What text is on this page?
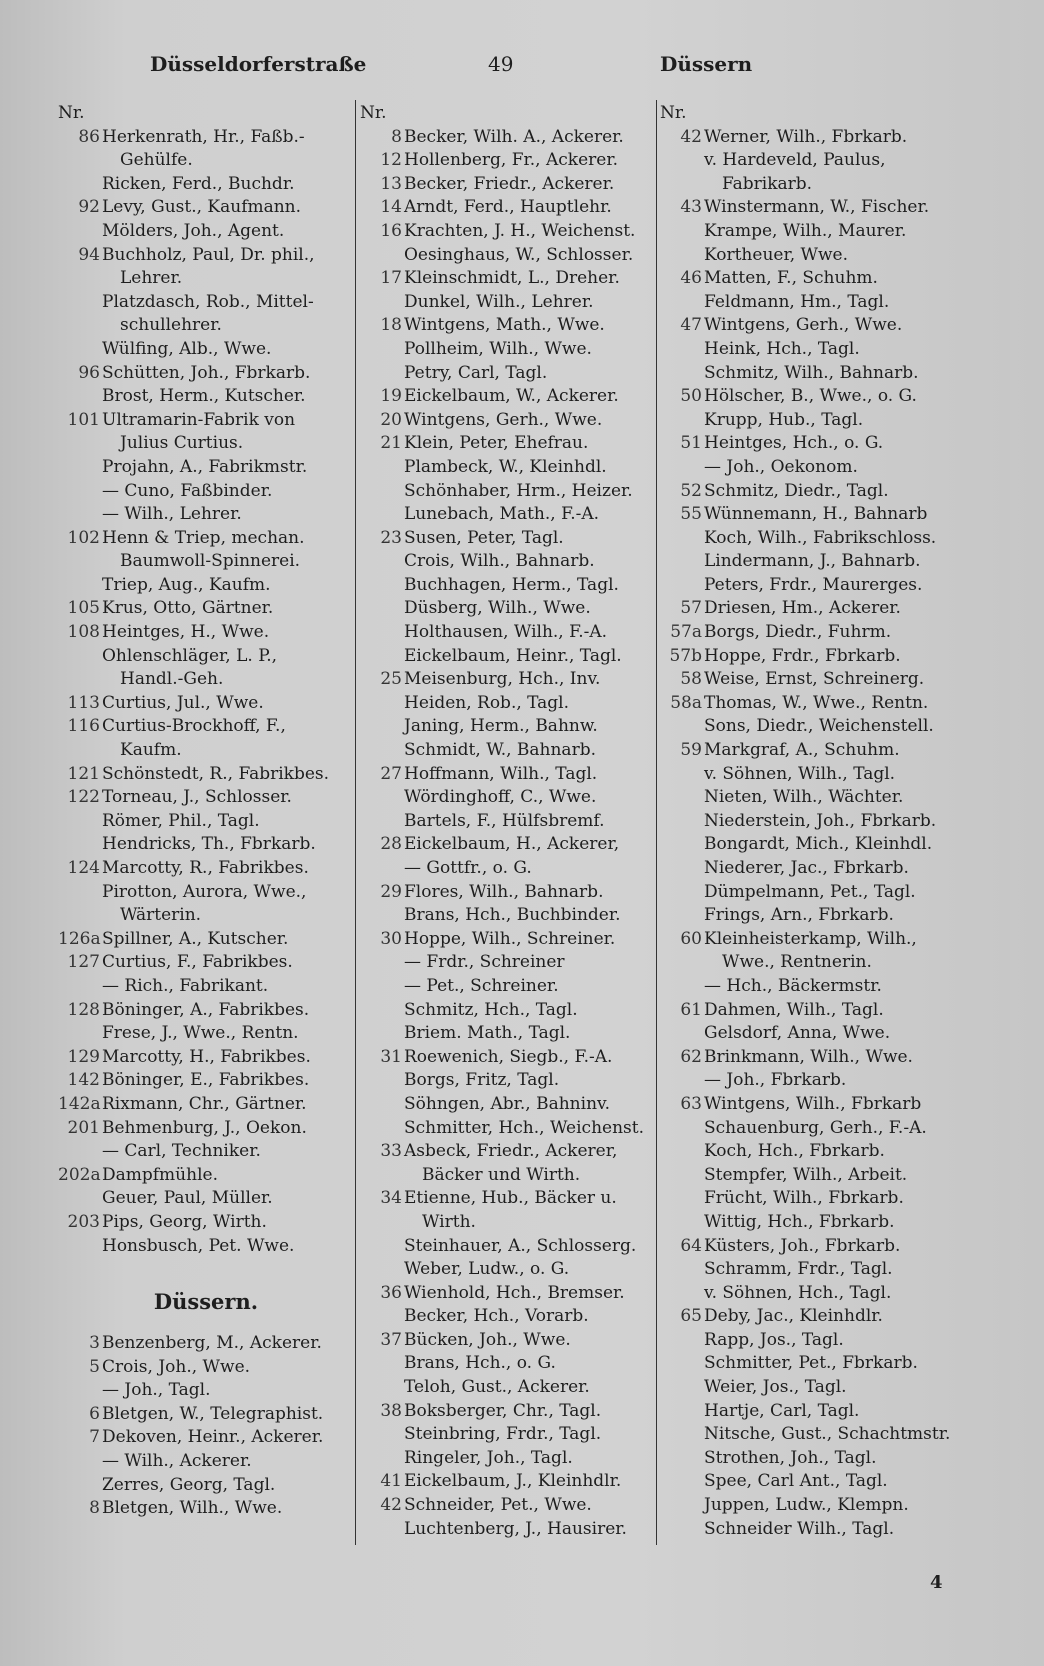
Düsseldorferstraße	49	Düssern
Nr.
86 Herkenrath, Hr., Faßb.-
Gehülfe.
Ricken, Ferd., Buchdr.
92 Levy, Gust., Kaufmann.
Mölders, Joh., Agent.
94 Buchholz, Paul, Dr. phil.,
Lehrer.
Platzdasch, Rob., Mittel-
schullehrer.
Wülfing, Alb., Wwe.
96 Schütten, Joh., Fbrkarb.
Brost, Herm., Kutscher.
101 Ultramarin-Fabrik von
Julius Curtius.
Projahn, A., Fabrikmstr.
— Cuno, Faßbinder.
— Wilh., Lehrer.
102 Henn & Triep, mechan.
Baumwoll-Spinnerei.
Triep, Aug., Kaufm.
105 Krus, Otto, Gärtner.
108 Heintges, H., Wwe.
Ohlenschläger, L. P.,
Handl.-Geh.
113 Curtius, Jul., Wwe.
116 Curtius-Brockhoff, F.,
Kaufm.
121 Schönstedt, R., Fabrikbes.
122 Torneau, J., Schlosser.
Römer, Phil., Tagl.
Hendricks, Th., Fbrkarb.
124 Marcotty, R., Fabrikbes.
Pirotton, Aurora, Wwe.,
Wärterin.
126a Spillner, A., Kutscher.
127 Curtius, F., Fabrikbes.
— Rich., Fabrikant.
128 Böninger, A., Fabrikbes.
Frese, J., Wwe., Rentn.
129 Marcotty, H., Fabrikbes.
142 Böninger, E., Fabrikbes.
142a Rixmann, Chr., Gärtner.
201 Behmenburg, J., Oekon.
— Carl, Techniker.
202a Dampfmühle.
Geuer, Paul, Müller.
203 Pips, Georg, Wirth.
Honsbusch, Pet. Wwe.
Düssern.
3 Benzenberg, M., Ackerer.
5 Crois, Joh., Wwe.
— Joh., Tagl.
6 Bletgen, W., Telegraphist.
7 Dekoven, Heinr., Ackerer.
— Wilh., Ackerer.
Zerres, Georg, Tagl.
8 Bletgen, Wilh., Wwe.
Nr.
8 Becker, Wilh. A., Ackerer.
12 Hollenberg, Fr., Ackerer.
13 Becker, Friedr., Ackerer.
14 Arndt, Ferd., Hauptlehr.
16 Krachten, J. H., Weichenst.
Oesinghaus, W., Schlosser.
17 Kleinschmidt, L., Dreher.
Dunkel, Wilh., Lehrer.
18 Wintgens, Math., Wwe.
Pollheim, Wilh., Wwe.
Petry, Carl, Tagl.
19 Eickelbaum, W., Ackerer.
20 Wintgens, Gerh., Wwe.
21 Klein, Peter, Ehefrau.
Plambeck, W., Kleinhdl.
Schönhaber, Hrm., Heizer.
Lunebach, Math., F.-A.
23 Susen, Peter, Tagl.
Crois, Wilh., Bahnarb.
Buchhagen, Herm., Tagl.
Düsberg, Wilh., Wwe.
Holthausen, Wilh., F.-A.
Eickelbaum, Heinr., Tagl.
25 Meisenburg, Hch., Inv.
Heiden, Rob., Tagl.
Janing, Herm., Bahnw.
Schmidt, W., Bahnarb.
27 Hoffmann, Wilh., Tagl.
Wördinghoff, C., Wwe.
Bartels, F., Hülfsbremf.
28 Eickelbaum, H., Ackerer,
— Gottfr., o. G.
29 Flores, Wilh., Bahnarb.
Brans, Hch., Buchbinder.
30 Hoppe, Wilh., Schreiner.
— Frdr., Schreiner
— Pet., Schreiner.
Schmitz, Hch., Tagl.
Briem. Math., Tagl.
31 Roewenich, Siegb., F.-A.
Borgs, Fritz, Tagl.
Söhngen, Abr., Bahninv.
Schmitter, Hch., Weichenst.
33 Asbeck, Friedr., Ackerer,
Bäcker und Wirth.
34 Etienne, Hub., Bäcker u.
Wirth.
Steinhauer, A., Schlosserg.
Weber, Ludw., o. G.
36 Wienhold, Hch., Bremser.
Becker, Hch., Vorarb.
37 Bücken, Joh., Wwe.
Brans, Hch., o. G.
Teloh, Gust., Ackerer.
38 Boksberger, Chr., Tagl.
Steinbring, Frdr., Tagl.
Ringeler, Joh., Tagl.
41 Eickelbaum, J., Kleinhdlr.
42 Schneider, Pet., Wwe.
Luchtenberg, J., Hausirer.
Nr.
42 Werner, Wilh., Fbrkarb.
v. Hardeveld, Paulus,
Fabrikarb.
43 Winstermann, W., Fischer.
Krampe, Wilh., Maurer.
Kortheuer, Wwe.
46 Matten, F., Schuhm.
Feldmann, Hm., Tagl.
47 Wintgens, Gerh., Wwe.
Heink, Hch., Tagl.
Schmitz, Wilh., Bahnarb.
50 Hölscher, B., Wwe., o. G.
Krupp, Hub., Tagl.
51 Heintges, Hch., o. G.
— Joh., Oekonom.
52 Schmitz, Diedr., Tagl.
55 Wünnemann, H., Bahnarb
Koch, Wilh., Fabrikschloss.
Lindermann, J., Bahnarb.
Peters, Frdr., Maurerges.
57 Driesen, Hm., Ackerer.
57a Borgs, Diedr., Fuhrm.
57b Hoppe, Frdr., Fbrkarb.
58 Weise, Ernst, Schreinerg.
58a Thomas, W., Wwe., Rentn.
Sons, Diedr., Weichenstell.
59 Markgraf, A., Schuhm.
v. Söhnen, Wilh., Tagl.
Nieten, Wilh., Wächter.
Niederstein, Joh., Fbrkarb.
Bongardt, Mich., Kleinhdl.
Niederer, Jac., Fbrkarb.
Dümpelmann, Pet., Tagl.
Frings, Arn., Fbrkarb.
60 Kleinheisterkamp, Wilh.,
Wwe., Rentnerin.
— Hch., Bäckermstr.
61 Dahmen, Wilh., Tagl.
Gelsdorf, Anna, Wwe.
62 Brinkmann, Wilh., Wwe.
— Joh., Fbrkarb.
63 Wintgens, Wilh., Fbrkarb
Schauenburg, Gerh., F.-A.
Koch, Hch., Fbrkarb.
Stempfer, Wilh., Arbeit.
Frücht, Wilh., Fbrkarb.
Wittig, Hch., Fbrkarb.
64 Küsters, Joh., Fbrkarb.
Schramm, Frdr., Tagl.
v. Söhnen, Hch., Tagl.
65 Deby, Jac., Kleinhdlr.
Rapp, Jos., Tagl.
Schmitter, Pet., Fbrkarb.
Weier, Jos., Tagl.
Hartje, Carl, Tagl.
Nitsche, Gust., Schachtmstr.
Strothen, Joh., Tagl.
Spee, Carl Ant., Tagl.
Juppen, Ludw., Klempn.
Schneider Wilh., Tagl.
4
